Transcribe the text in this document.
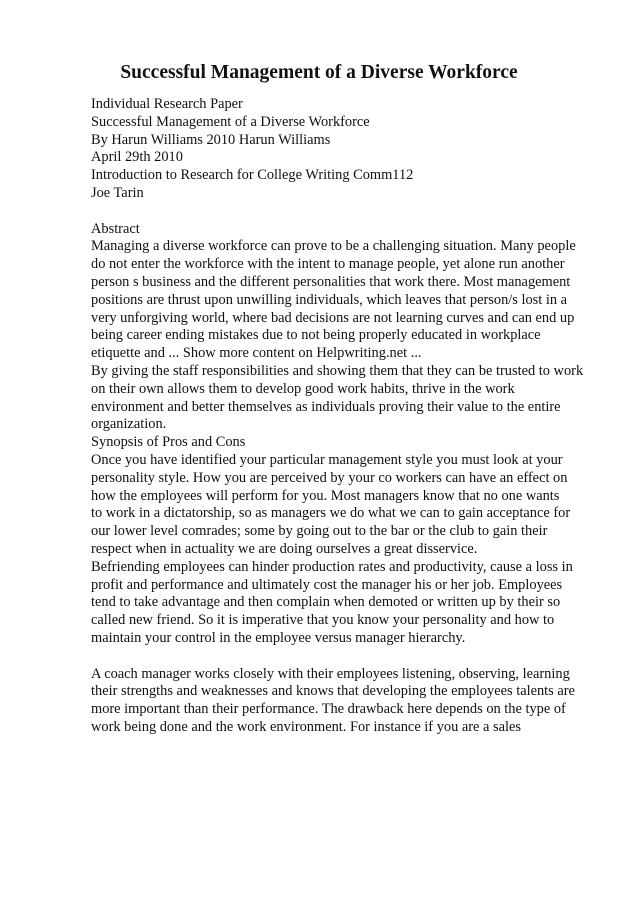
Successful Management of a Diverse Workforce
Individual Research Paper
Successful Management of a Diverse Workforce
By Harun Williams 2010 Harun Williams
April 29th 2010
Introduction to Research for College Writing Comm112
Joe Tarin
Abstract
Managing a diverse workforce can prove to be a challenging situation. Many people
do not enter the workforce with the intent to manage people, yet alone run another
person s business and the different personalities that work there. Most management
positions are thrust upon unwilling individuals, which leaves that person/s lost in a
very unforgiving world, where bad decisions are not learning curves and can end up
being career ending mistakes due to not being properly educated in workplace
etiquette and ... Show more content on Helpwriting.net ...
By giving the staff responsibilities and showing them that they can be trusted to work
on their own allows them to develop good work habits, thrive in the work
environment and better themselves as individuals proving their value to the entire
organization.
Synopsis of Pros and Cons
Once you have identified your particular management style you must look at your
personality style. How you are perceived by your co workers can have an effect on
how the employees will perform for you. Most managers know that no one wants
to work in a dictatorship, so as managers we do what we can to gain acceptance for
our lower level comrades; some by going out to the bar or the club to gain their
respect when in actuality we are doing ourselves a great disservice.
Befriending employees can hinder production rates and productivity, cause a loss in
profit and performance and ultimately cost the manager his or her job. Employees
tend to take advantage and then complain when demoted or written up by their so
called new friend. So it is imperative that you know your personality and how to
maintain your control in the employee versus manager hierarchy.
A coach manager works closely with their employees listening, observing, learning
their strengths and weaknesses and knows that developing the employees talents are
more important than their performance. The drawback here depends on the type of
work being done and the work environment. For instance if you are a sales
